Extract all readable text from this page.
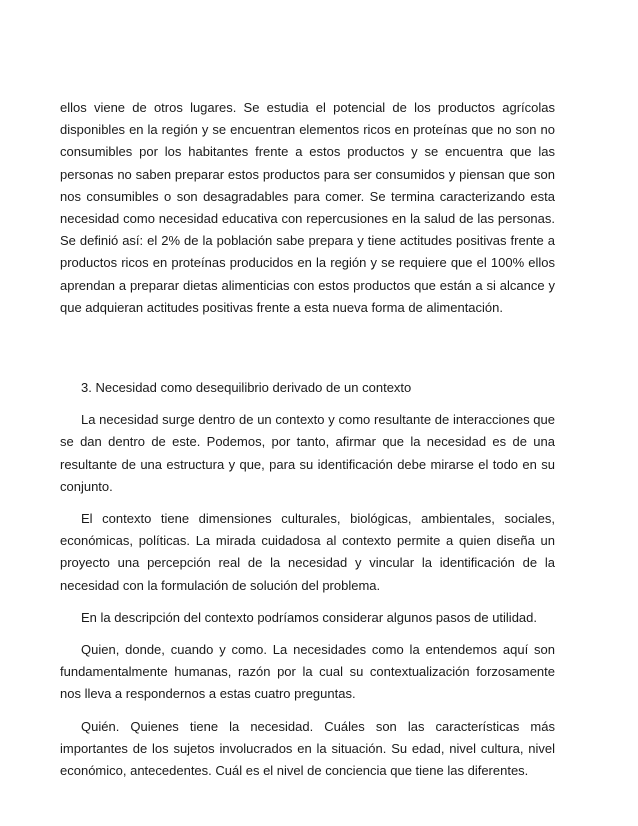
ellos viene de otros lugares. Se estudia el potencial de los productos agrícolas disponibles en la región y se encuentran elementos ricos en proteínas que no son no consumibles por los habitantes frente a estos productos y se encuentra que las personas no saben preparar estos productos para ser consumidos y piensan que son nos consumibles o son desagradables para comer. Se termina caracterizando esta necesidad como necesidad educativa con repercusiones en la salud de las personas. Se definió así: el 2% de la población sabe prepara y tiene actitudes positivas frente a productos ricos en proteínas producidos en la región y se requiere que el 100% ellos aprendan a preparar dietas alimenticias con estos productos que están a si alcance y que adquieran actitudes positivas frente a esta nueva forma de alimentación.

3. Necesidad como desequilibrio derivado de un contexto

La necesidad surge dentro de un contexto y como resultante de interacciones que se dan dentro de este. Podemos, por tanto, afirmar que la necesidad es de una resultante de una estructura y que, para su identificación debe mirarse el todo en su conjunto.

El contexto tiene dimensiones culturales, biológicas, ambientales, sociales, económicas, políticas. La mirada cuidadosa al contexto permite a quien diseña un proyecto una percepción real de la necesidad y vincular la identificación de la necesidad con la formulación de solución del problema.

En la descripción del contexto podríamos considerar algunos pasos de utilidad.

Quien, donde, cuando y como. La necesidades como la entendemos aquí son fundamentalmente humanas, razón por la cual su contextualización forzosamente nos lleva a respondernos a estas cuatro preguntas.

Quién. Quienes tiene la necesidad. Cuáles son las características más importantes de los sujetos involucrados en la situación. Su edad, nivel cultura, nivel económico, antecedentes. Cuál es el nivel de conciencia que tiene las diferentes.
